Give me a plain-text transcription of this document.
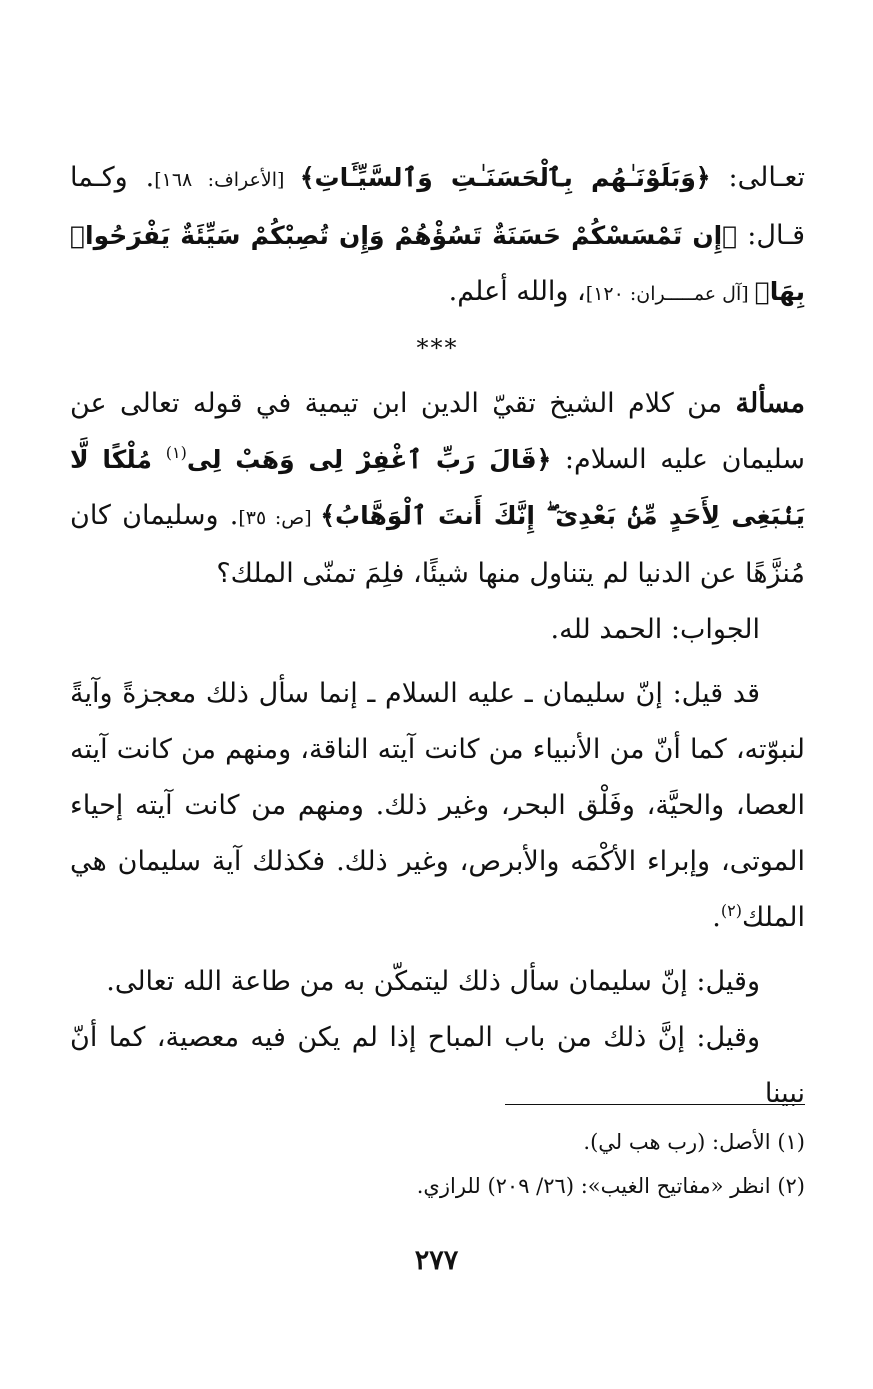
تعـالى: ﴿وَبَلَوْنَـٰهُم بِٱلْحَسَنَـٰتِ وَٱلسَّيِّـَٔاتِ﴾ [الأعراف: ١٦٨]. وكـما قـال: ﴿إِن تَمْسَسْكُمْ حَسَنَةٌ تَسُؤْهُمْ وَإِن تُصِبْكُمْ سَيِّئَةٌ يَفْرَحُوا۟ بِهَا﴾ [آل عمـــــران: ١٢٠]، والله أعلم.

***

مسألة من كلام الشيخ تقيّ الدين ابن تيمية في قوله تعالى عن سليمان عليه السلام: ﴿قَالَ رَبِّ ٱغْفِرْ لِى وَهَبْ لِى$^{(١)}$ مُلْكًا لَّا يَنۢبَغِى لِأَحَدٍ مِّنۢ بَعْدِىٓ ۖ إِنَّكَ أَنتَ ٱلْوَهَّابُ﴾ [ص: ٣٥]. وسليمان كان مُنزَّهًا عن الدنيا لم يتناول منها شيئًا، فلِمَ تمنّى الملك؟

الجواب: الحمد لله.

قد قيل: إنّ سليمان ـ عليه السلام ـ إنما سأل ذلك معجزةً وآيةً لنبوّته، كما أنّ من الأنبياء من كانت آيته الناقة، ومنهم من كانت آيته العصا، والحيَّة، وفَلْق البحر، وغير ذلك. ومنهم من كانت آيته إحياء الموتى، وإبراء الأكْمَه والأبرص، وغير ذلك. فكذلك آية سليمان هي الملك$^{(٢)}$.

وقيل: إنّ سليمان سأل ذلك ليتمكّن به من طاعة الله تعالى.

وقيل: إنَّ ذلك من باب المباح إذا لم يكن فيه معصية، كما أنّ نبينا

(١) الأصل: (رب هب لي).

(٢) انظر «مفاتيح الغيب»: (٢٦/ ٢٠٩) للرازي.

٢٧٧
